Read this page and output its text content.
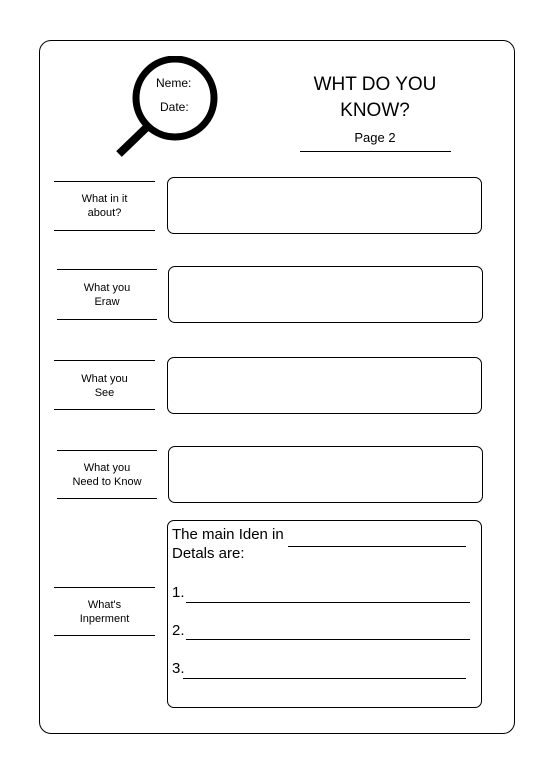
Neme:
Date:
WHT DO YOU
KNOW?
Page 2
What in it
about?
What you
Eraw
What you
See
What you
Need to Know
What's
Inperment
The main Iden in
Detals are:
1.
2.
3.
